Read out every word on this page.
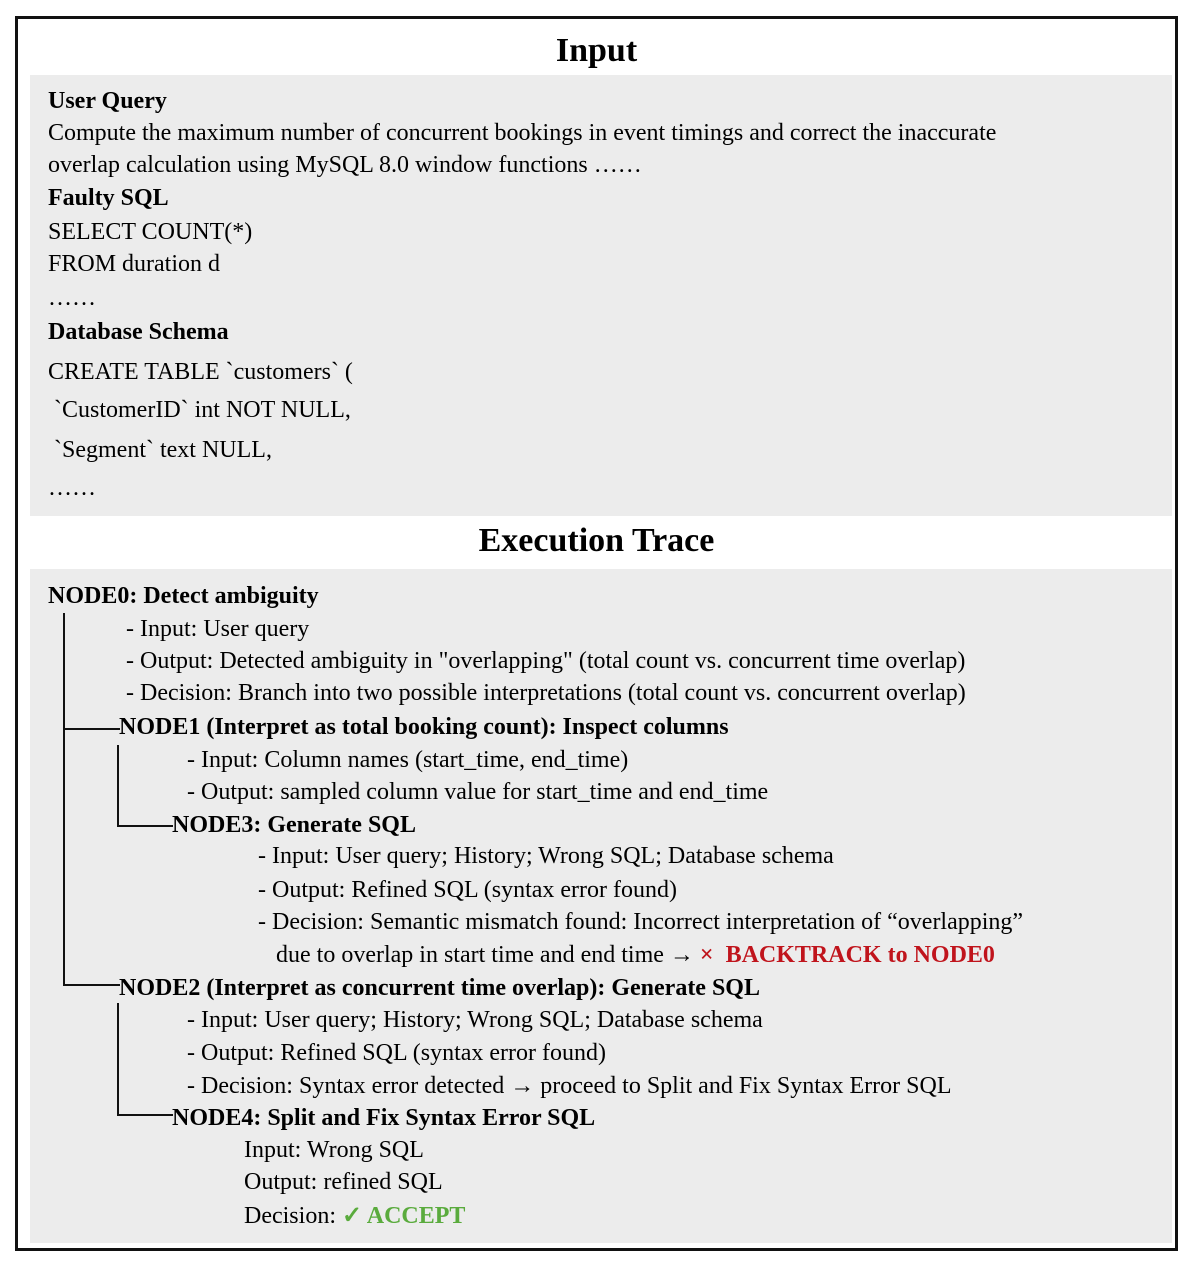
Input
User Query
Compute the maximum number of concurrent bookings in event timings and correct the inaccurate
overlap calculation using MySQL 8.0 window functions ……
Faulty SQL
SELECT COUNT(*)
FROM duration d
……
Database Schema
CREATE TABLE `customers` (
`CustomerID` int NOT NULL,
`Segment` text NULL,
……
Execution Trace
NODE0: Detect ambiguity
- Input: User query
- Output: Detected ambiguity in "overlapping" (total count vs. concurrent time overlap)
- Decision: Branch into two possible interpretations (total count vs. concurrent overlap)
NODE1 (Interpret as total booking count): Inspect columns
- Input: Column names (start_time, end_time)
- Output: sampled column value for start_time and end_time
NODE3: Generate SQL
- Input: User query; History; Wrong SQL; Database schema
- Output: Refined SQL (syntax error found)
- Decision: Semantic mismatch found: Incorrect interpretation of “overlapping”
due to overlap in start time and end time → ×  BACKTRACK to NODE0
NODE2 (Interpret as concurrent time overlap): Generate SQL
- Input: User query; History; Wrong SQL; Database schema
- Output: Refined SQL (syntax error found)
- Decision: Syntax error detected → proceed to Split and Fix Syntax Error SQL
NODE4: Split and Fix Syntax Error SQL
Input: Wrong SQL
Output: refined SQL
Decision: ✓ ACCEPT
